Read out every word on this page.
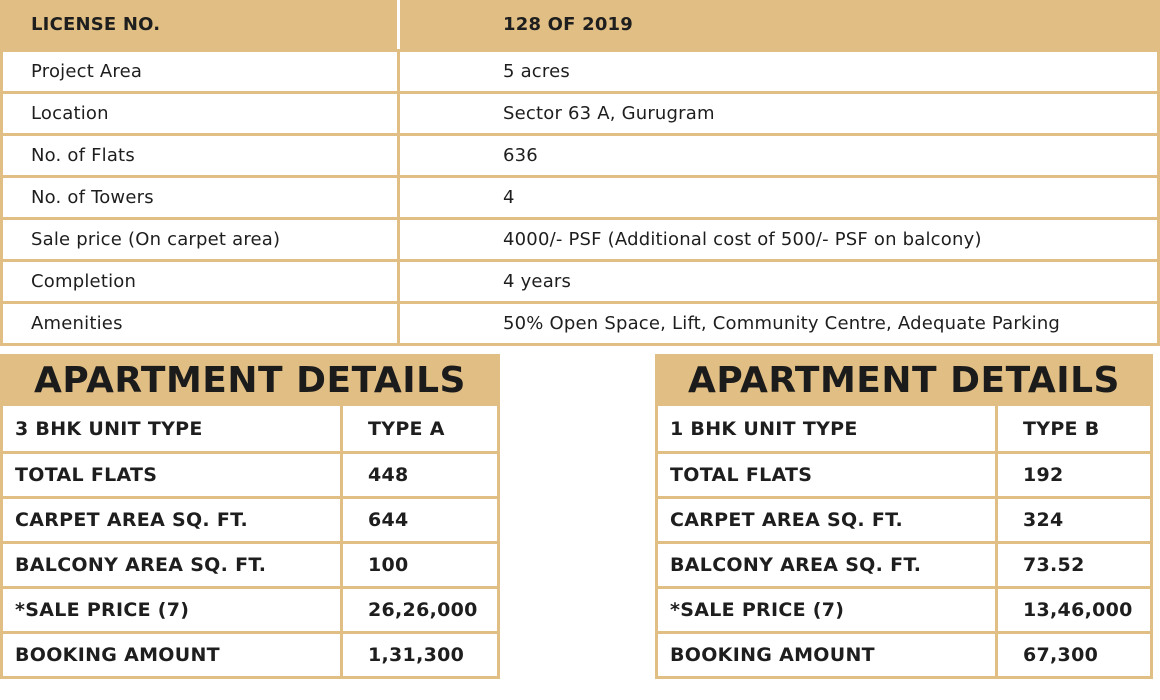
LICENSE NO.	128 OF 2019
Project Area	5 acres
Location	Sector 63 A, Gurugram
No. of Flats	636
No. of Towers	4
Sale price (On carpet area)	4000/- PSF (Additional cost of 500/- PSF on balcony)
Completion	4 years
Amenities	50% Open Space, Lift, Community Centre, Adequate Parking
APARTMENT DETAILS
3 BHK UNIT TYPE	TYPE A
TOTAL FLATS	448
CARPET AREA SQ. FT.	644
BALCONY AREA SQ. FT.	100
*SALE PRICE (7)	26,26,000
BOOKING AMOUNT	1,31,300
APARTMENT DETAILS
1 BHK UNIT TYPE	TYPE B
TOTAL FLATS	192
CARPET AREA SQ. FT.	324
BALCONY AREA SQ. FT.	73.52
*SALE PRICE (7)	13,46,000
BOOKING AMOUNT	67,300
